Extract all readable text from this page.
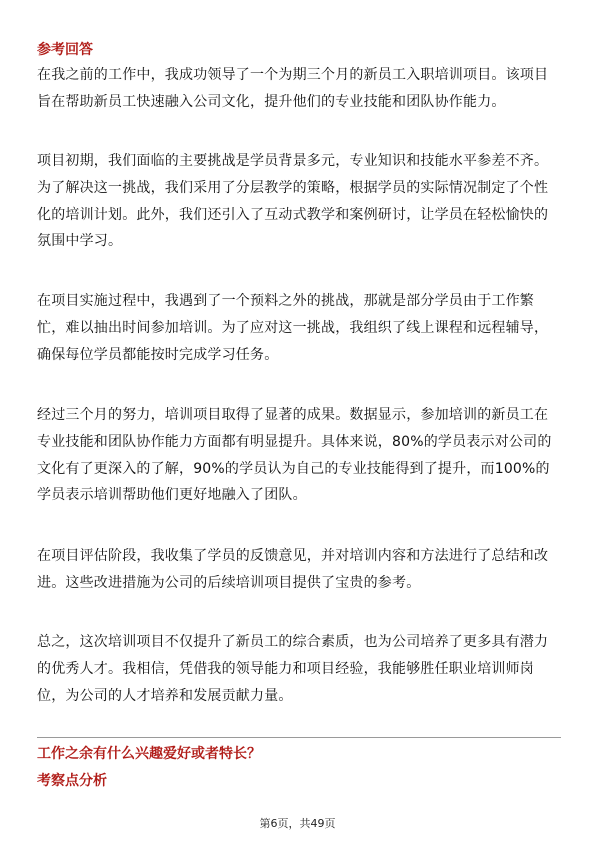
参考回答
在我之前的工作中，我成功领导了一个为期三个月的新员工入职培训项目。该项目
旨在帮助新员工快速融入公司文化，提升他们的专业技能和团队协作能力。
项目初期，我们面临的主要挑战是学员背景多元，专业知识和技能水平参差不齐。
为了解决这一挑战，我们采用了分层教学的策略，根据学员的实际情况制定了个性
化的培训计划。此外，我们还引入了互动式教学和案例研讨，让学员在轻松愉快的
氛围中学习。
在项目实施过程中，我遇到了一个预料之外的挑战，那就是部分学员由于工作繁
忙，难以抽出时间参加培训。为了应对这一挑战，我组织了线上课程和远程辅导，
确保每位学员都能按时完成学习任务。
经过三个月的努力，培训项目取得了显著的成果。数据显示，参加培训的新员工在
专业技能和团队协作能力方面都有明显提升。具体来说，80%的学员表示对公司的
文化有了更深入的了解，90%的学员认为自己的专业技能得到了提升，而100%的
学员表示培训帮助他们更好地融入了团队。
在项目评估阶段，我收集了学员的反馈意见，并对培训内容和方法进行了总结和改
进。这些改进措施为公司的后续培训项目提供了宝贵的参考。
总之，这次培训项目不仅提升了新员工的综合素质，也为公司培养了更多具有潜力
的优秀人才。我相信，凭借我的领导能力和项目经验，我能够胜任职业培训师岗
位，为公司的人才培养和发展贡献力量。
工作之余有什么兴趣爱好或者特长？
考察点分析
第6页，共49页
